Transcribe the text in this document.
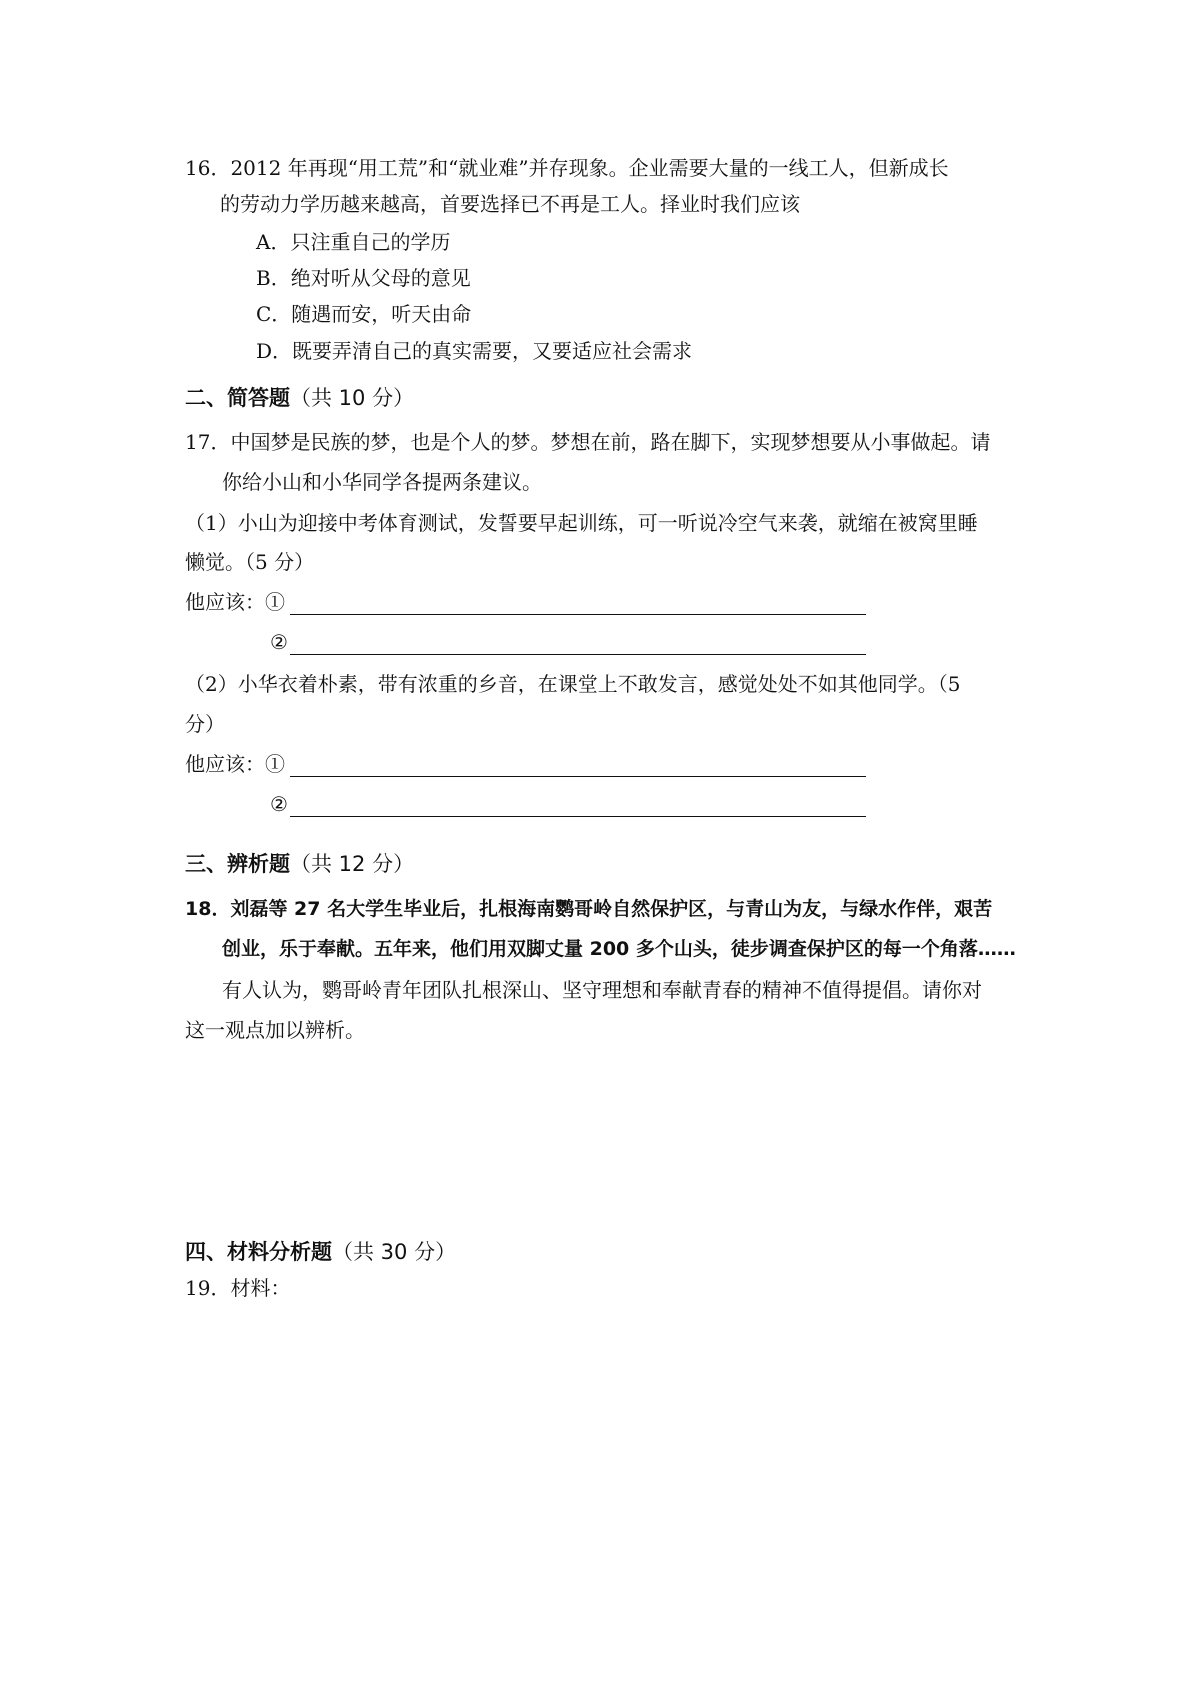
16．2012 年再现“用工荒”和“就业难”并存现象。企业需要大量的一线工人，但新成长
的劳动力学历越来越高，首要选择已不再是工人。择业时我们应该
A．只注重自己的学历
B．绝对听从父母的意见
C．随遇而安，听天由命
D．既要弄清自己的真实需要，又要适应社会需求
二、简答题（共 10 分）
17．中国梦是民族的梦，也是个人的梦。梦想在前，路在脚下，实现梦想要从小事做起。请
你给小山和小华同学各提两条建议。
（1）小山为迎接中考体育测试，发誓要早起训练，可一听说冷空气来袭，就缩在被窝里睡
懒觉。（5 分）
他应该：①
②
（2）小华衣着朴素，带有浓重的乡音，在课堂上不敢发言，感觉处处不如其他同学。（5
分）
他应该：①
②
三、辨析题（共 12 分）
18．刘磊等 27 名大学生毕业后，扎根海南鹦哥岭自然保护区，与青山为友，与绿水作伴，艰苦
创业，乐于奉献。五年来，他们用双脚丈量 200 多个山头，徒步调查保护区的每一个角落……
有人认为，鹦哥岭青年团队扎根深山、坚守理想和奉献青春的精神不值得提倡。请你对
这一观点加以辨析。
四、材料分析题（共 30 分）
19．材料：
